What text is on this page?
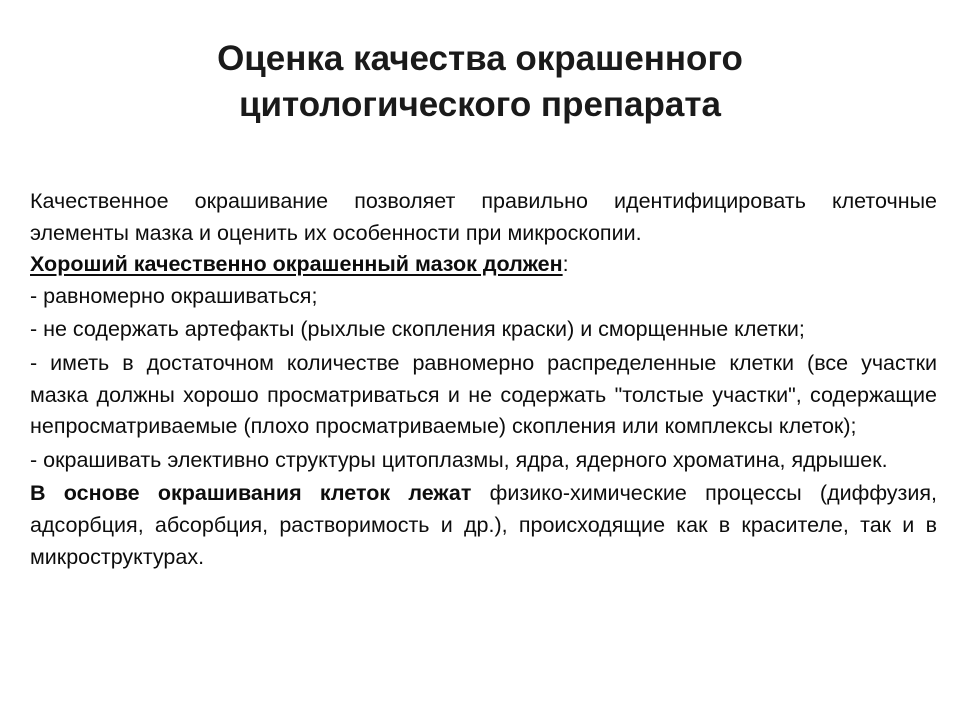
Оценка качества окрашенного
цитологического препарата

Качественное окрашивание позволяет правильно идентифицировать клеточные элементы мазка и оценить их особенности при микроскопии.

Хороший качественно окрашенный мазок должен:

- равномерно окрашиваться;

- не содержать артефакты (рыхлые скопления краски) и сморщенные клетки;

- иметь в достаточном количестве равномерно распределенные клетки (все участки мазка должны хорошо просматриваться и не содержать "толстые участки", содержащие непросматриваемые (плохо просматриваемые) скопления или комплексы клеток);

- окрашивать элективно структуры цитоплазмы, ядра, ядерного хроматина, ядрышек.

В основе окрашивания клеток лежат физико-химические процессы (диффузия, адсорбция, абсорбция, растворимость и др.), происходящие как в красителе, так и в микроструктурах.
